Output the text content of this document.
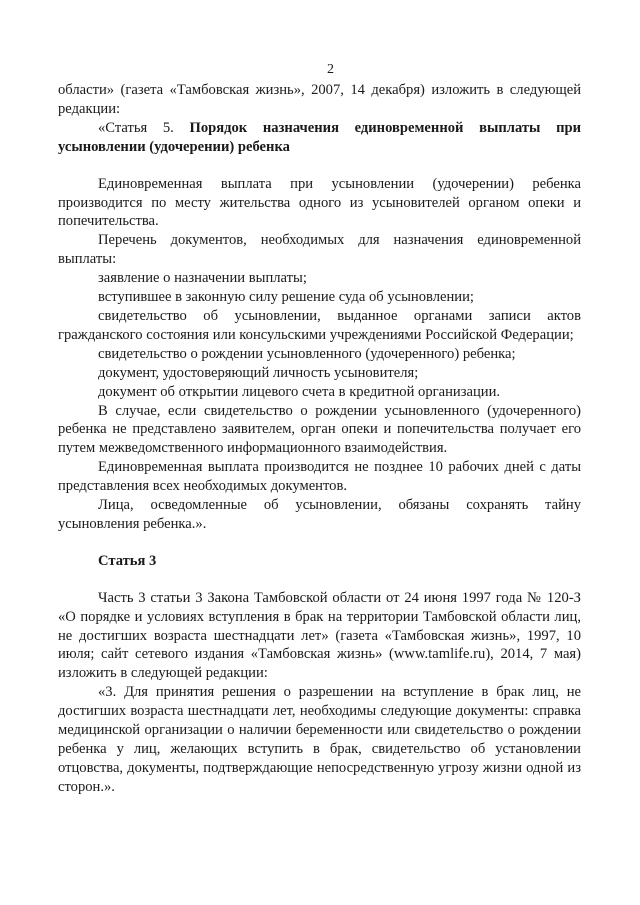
2

области» (газета «Тамбовская жизнь», 2007, 14 декабря) изложить в следующей редакции:

«Статья 5. Порядок назначения единовременной выплаты при усыновлении (удочерении) ребенка

Единовременная выплата при усыновлении (удочерении) ребенка производится по месту жительства одного из усыновителей органом опеки и попечительства.

Перечень документов, необходимых для назначения единовременной выплаты:

заявление о назначении выплаты;

вступившее в законную силу решение суда об усыновлении;

свидетельство об усыновлении, выданное органами записи актов гражданского состояния или консульскими учреждениями Российской Федерации;

свидетельство о рождении усыновленного (удочеренного) ребенка;

документ, удостоверяющий личность усыновителя;

документ об открытии лицевого счета в кредитной организации.

В случае, если свидетельство о рождении усыновленного (удочеренного) ребенка не представлено заявителем, орган опеки и попечительства получает его путем межведомственного информационного взаимодействия.

Единовременная выплата производится не позднее 10 рабочих дней с даты представления всех необходимых документов.

Лица, осведомленные об усыновлении, обязаны сохранять тайну усыновления ребенка.».

Статья 3

Часть 3 статьи 3 Закона Тамбовской области от 24 июня 1997 года № 120-З «О порядке и условиях вступления в брак на территории Тамбовской области лиц, не достигших возраста шестнадцати лет» (газета «Тамбовская жизнь», 1997, 10 июля; сайт сетевого издания «Тамбовская жизнь» (www.tamlife.ru), 2014, 7 мая) изложить в следующей редакции:

«3. Для принятия решения о разрешении на вступление в брак лиц, не достигших возраста шестнадцати лет, необходимы следующие документы: справка медицинской организации о наличии беременности или свидетельство о рождении ребенка у лиц, желающих вступить в брак, свидетельство об установлении отцовства, документы, подтверждающие непосредственную угрозу жизни одной из сторон.».
